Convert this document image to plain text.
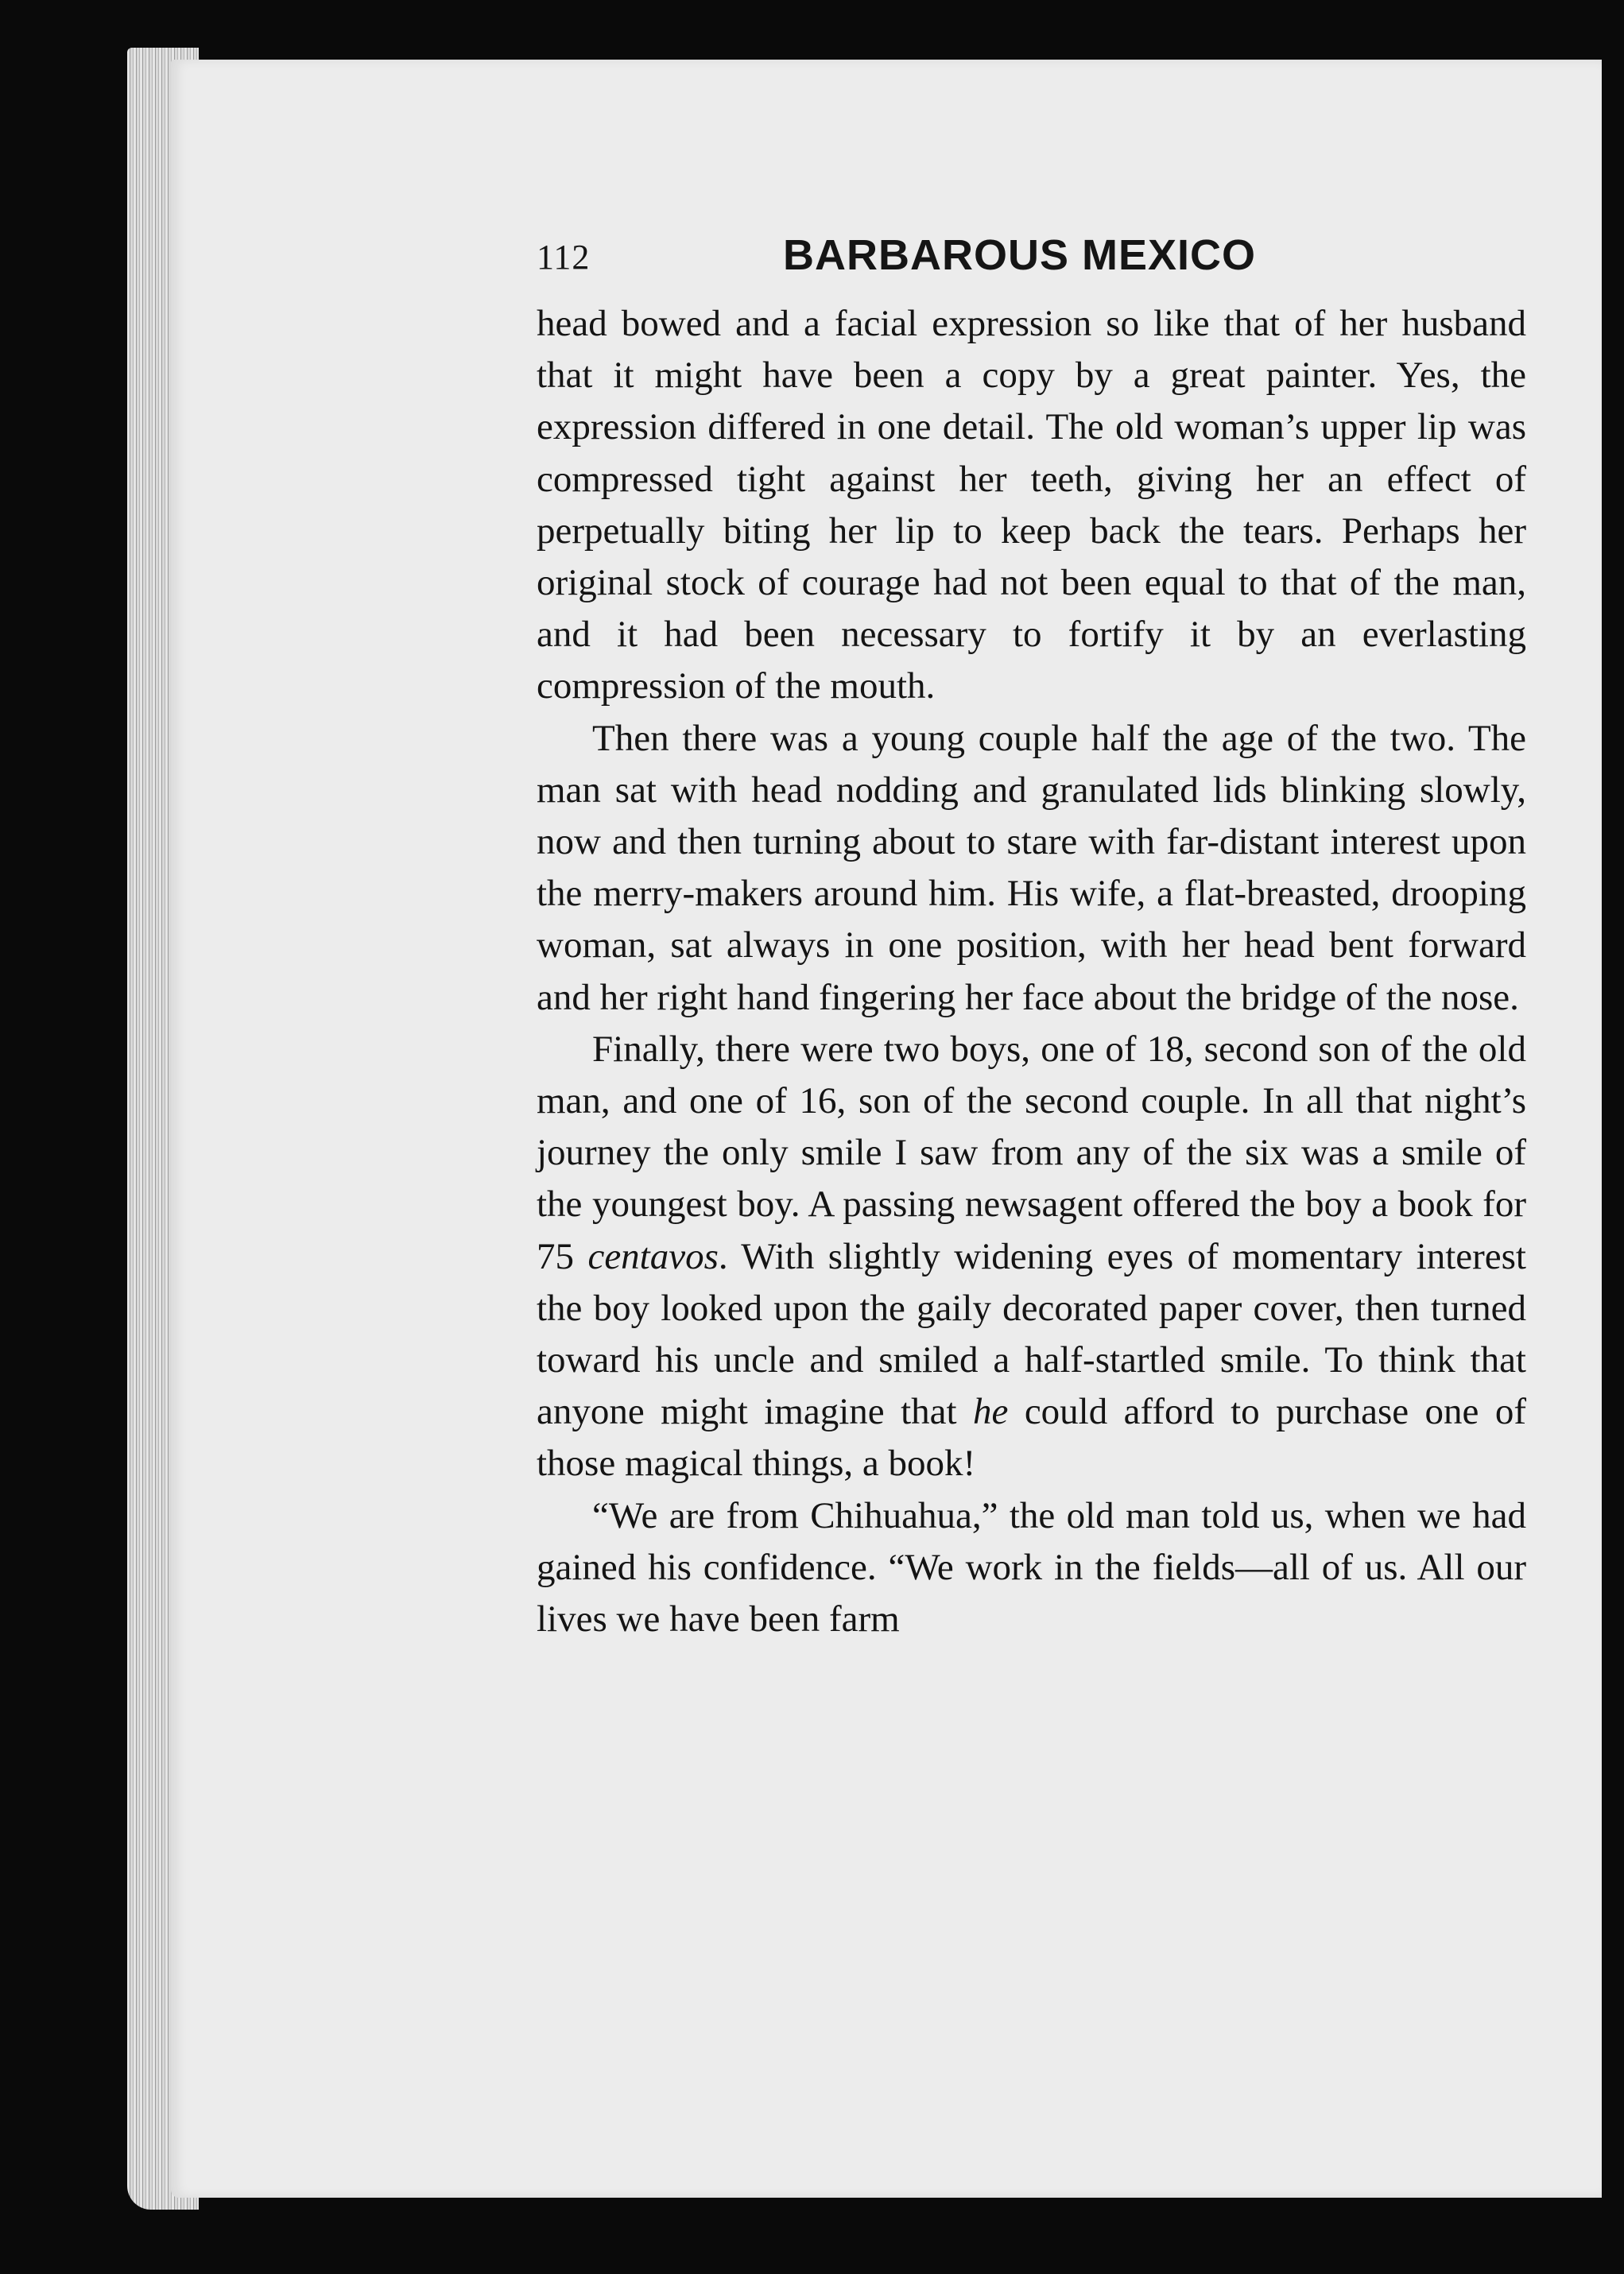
112	BARBAROUS MEXICO

head bowed and a facial expression so like that of her husband that it might have been a copy by a great painter. Yes, the expression differed in one detail. The old woman’s upper lip was compressed tight against her teeth, giving her an effect of perpetually biting her lip to keep back the tears. Perhaps her original stock of courage had not been equal to that of the man, and it had been necessary to fortify it by an everlasting compression of the mouth.

Then there was a young couple half the age of the two. The man sat with head nodding and granulated lids blinking slowly, now and then turning about to stare with far-distant interest upon the merry-makers around him. His wife, a flat-breasted, drooping woman, sat always in one position, with her head bent forward and her right hand fingering her face about the bridge of the nose.

Finally, there were two boys, one of 18, second son of the old man, and one of 16, son of the second couple. In all that night’s journey the only smile I saw from any of the six was a smile of the youngest boy. A passing newsagent offered the boy a book for 75 centavos. With slightly widening eyes of momentary interest the boy looked upon the gaily decorated paper cover, then turned toward his uncle and smiled a half-startled smile. To think that anyone might imagine that he could afford to purchase one of those magical things, a book!

“We are from Chihuahua,” the old man told us, when we had gained his confidence. “We work in the fields—all of us. All our lives we have been farm
